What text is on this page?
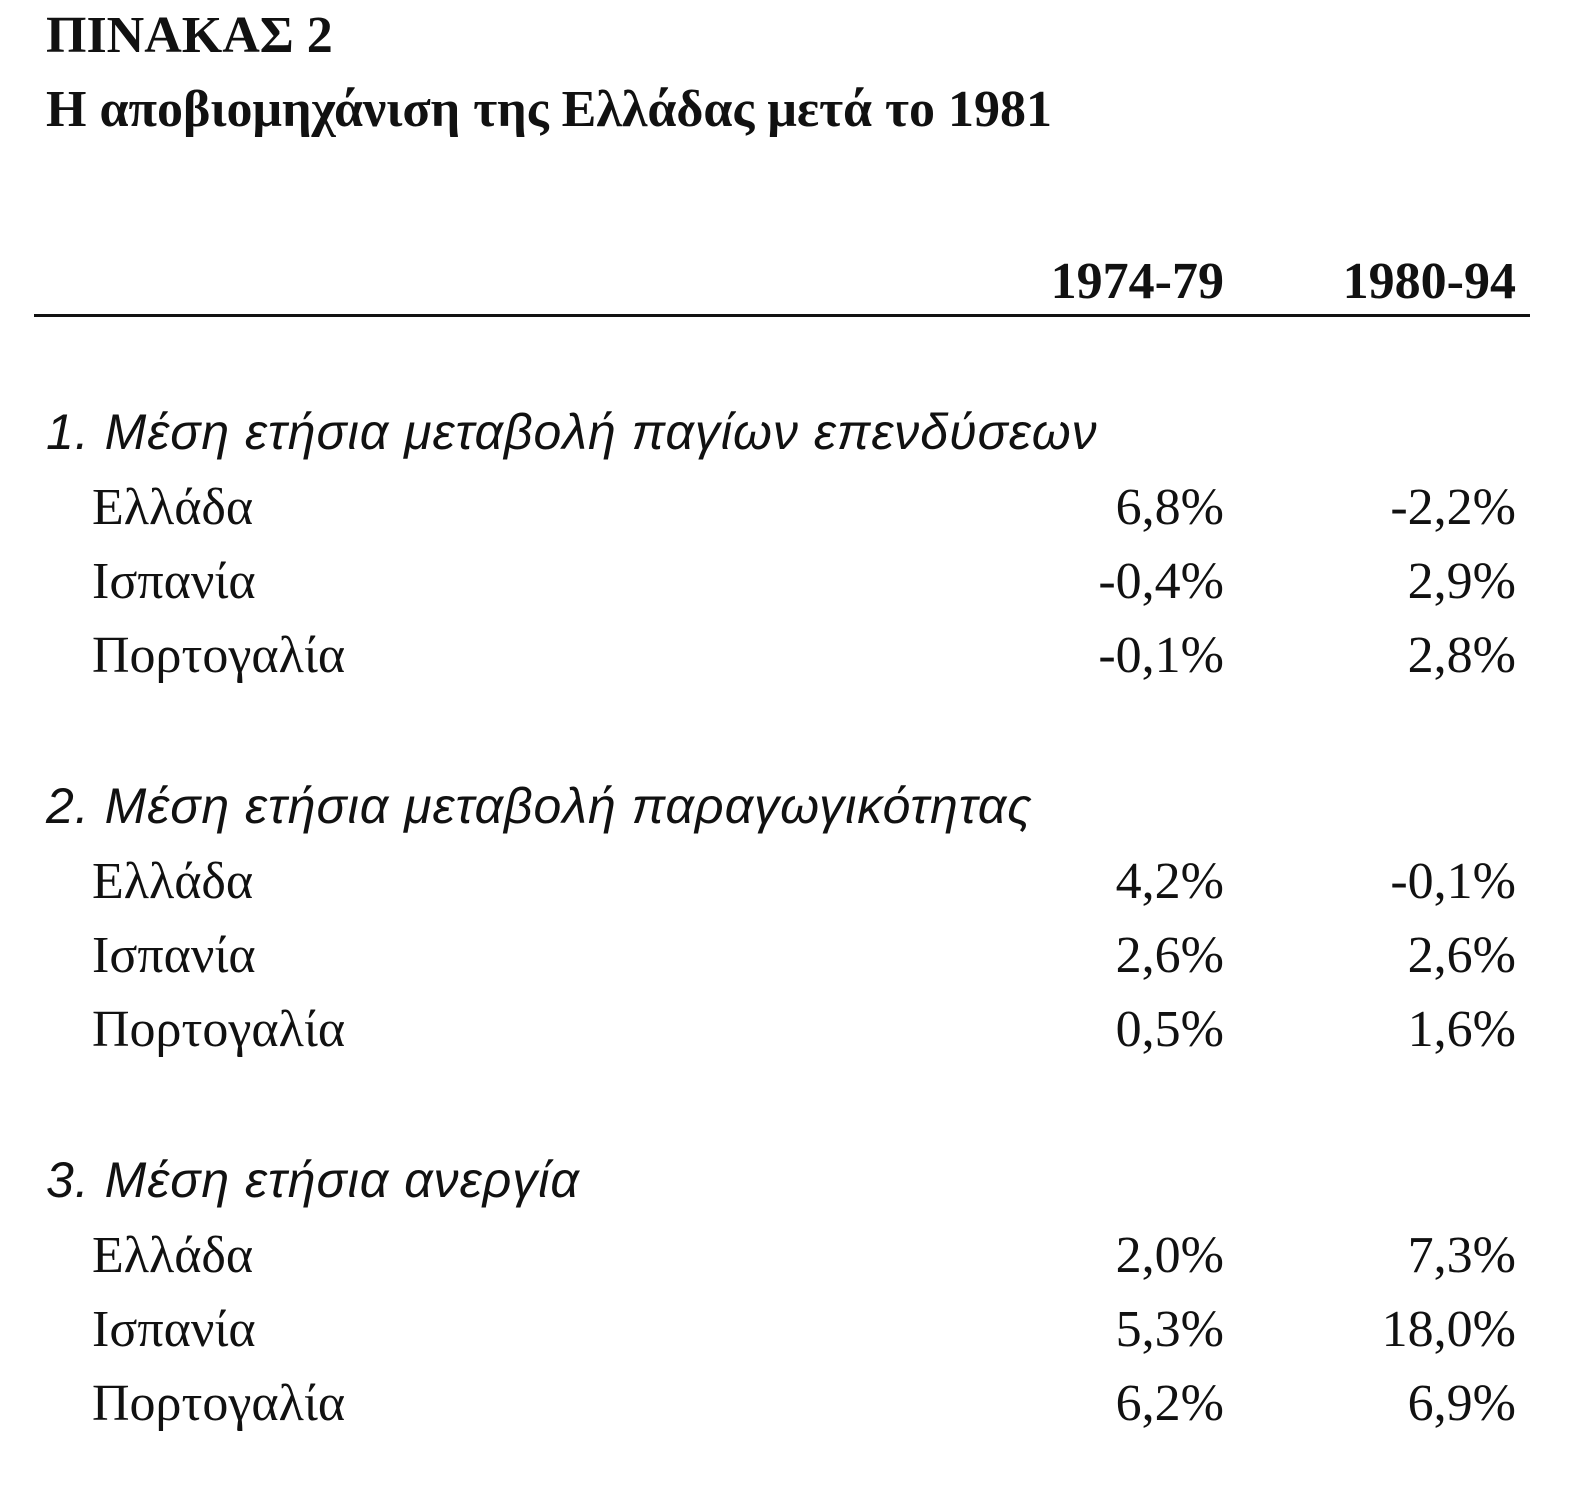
ΠΙΝΑΚΑΣ 2
Η αποβιομηχάνιση της Ελλάδας μετά το 1981
1974-79 1980-94
1. Μέση ετήσια μεταβολή παγίων επενδύσεων
Ελλάδα	6,8%	-2,2%
Ισπανία	-0,4%	2,9%
Πορτογαλία	-0,1%	2,8%
2. Μέση ετήσια μεταβολή παραγωγικότητας
Ελλάδα	4,2%	-0,1%
Ισπανία	2,6%	2,6%
Πορτογαλία	0,5%	1,6%
3. Μέση ετήσια ανεργία
Ελλάδα	2,0%	7,3%
Ισπανία	5,3%	18,0%
Πορτογαλία	6,2%	6,9%
